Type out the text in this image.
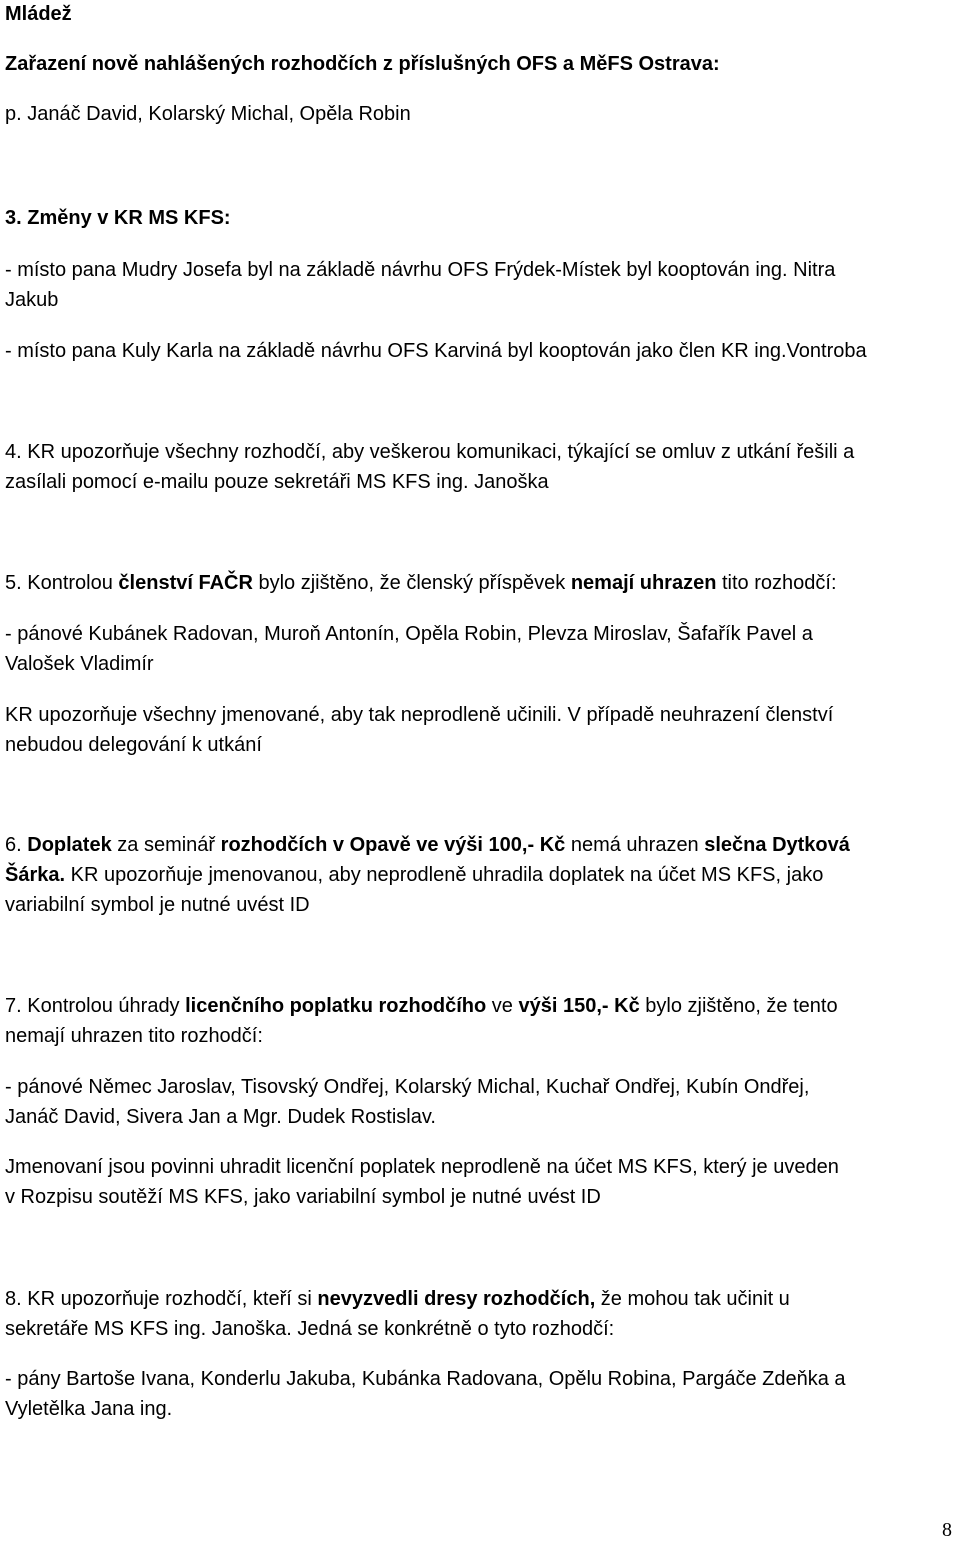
Mládež
Zařazení nově nahlášených rozhodčích z příslušných OFS a MěFS Ostrava:
p. Janáč David, Kolarský Michal, Opěla Robin
3. Změny v KR MS KFS:
- místo pana Mudry Josefa byl na základě návrhu OFS Frýdek-Místek byl kooptován ing. Nitra
Jakub
- místo pana Kuly Karla na základě návrhu OFS Karviná byl kooptován jako člen KR ing.Vontroba
4. KR upozorňuje všechny rozhodčí, aby veškerou komunikaci, týkající se omluv z utkání řešili a
zasílali pomocí e-mailu pouze sekretáři MS KFS ing. Janoška
5. Kontrolou členství FAČR bylo zjištěno, že členský příspěvek nemají uhrazen tito rozhodčí:
- pánové Kubánek Radovan, Muroň Antonín, Opěla Robin, Plevza Miroslav, Šafařík Pavel a
Valošek Vladimír
KR upozorňuje všechny jmenované, aby tak neprodleně učinili. V případě neuhrazení členství
nebudou delegování k utkání
6. Doplatek za seminář rozhodčích v Opavě ve výši 100,- Kč nemá uhrazen slečna Dytková
Šárka. KR upozorňuje jmenovanou, aby neprodleně uhradila doplatek na účet MS KFS, jako
variabilní symbol je nutné uvést ID
7. Kontrolou úhrady licenčního poplatku rozhodčího ve výši 150,- Kč bylo zjištěno, že tento
nemají uhrazen tito rozhodčí:
- pánové Němec Jaroslav, Tisovský Ondřej, Kolarský Michal, Kuchař Ondřej, Kubín Ondřej,
Janáč David, Sivera Jan a Mgr. Dudek Rostislav.
Jmenovaní jsou povinni uhradit licenční poplatek neprodleně na účet MS KFS, který je uveden
v Rozpisu soutěží MS KFS, jako variabilní symbol je nutné uvést ID
8. KR upozorňuje rozhodčí, kteří si nevyzvedli dresy rozhodčích, že mohou tak učinit u
sekretáře MS KFS ing. Janoška. Jedná se konkrétně o tyto rozhodčí:
- pány Bartoše Ivana, Konderlu Jakuba, Kubánka Radovana, Opělu Robina, Pargáče Zdeňka a
Vyletělka Jana ing.
8
